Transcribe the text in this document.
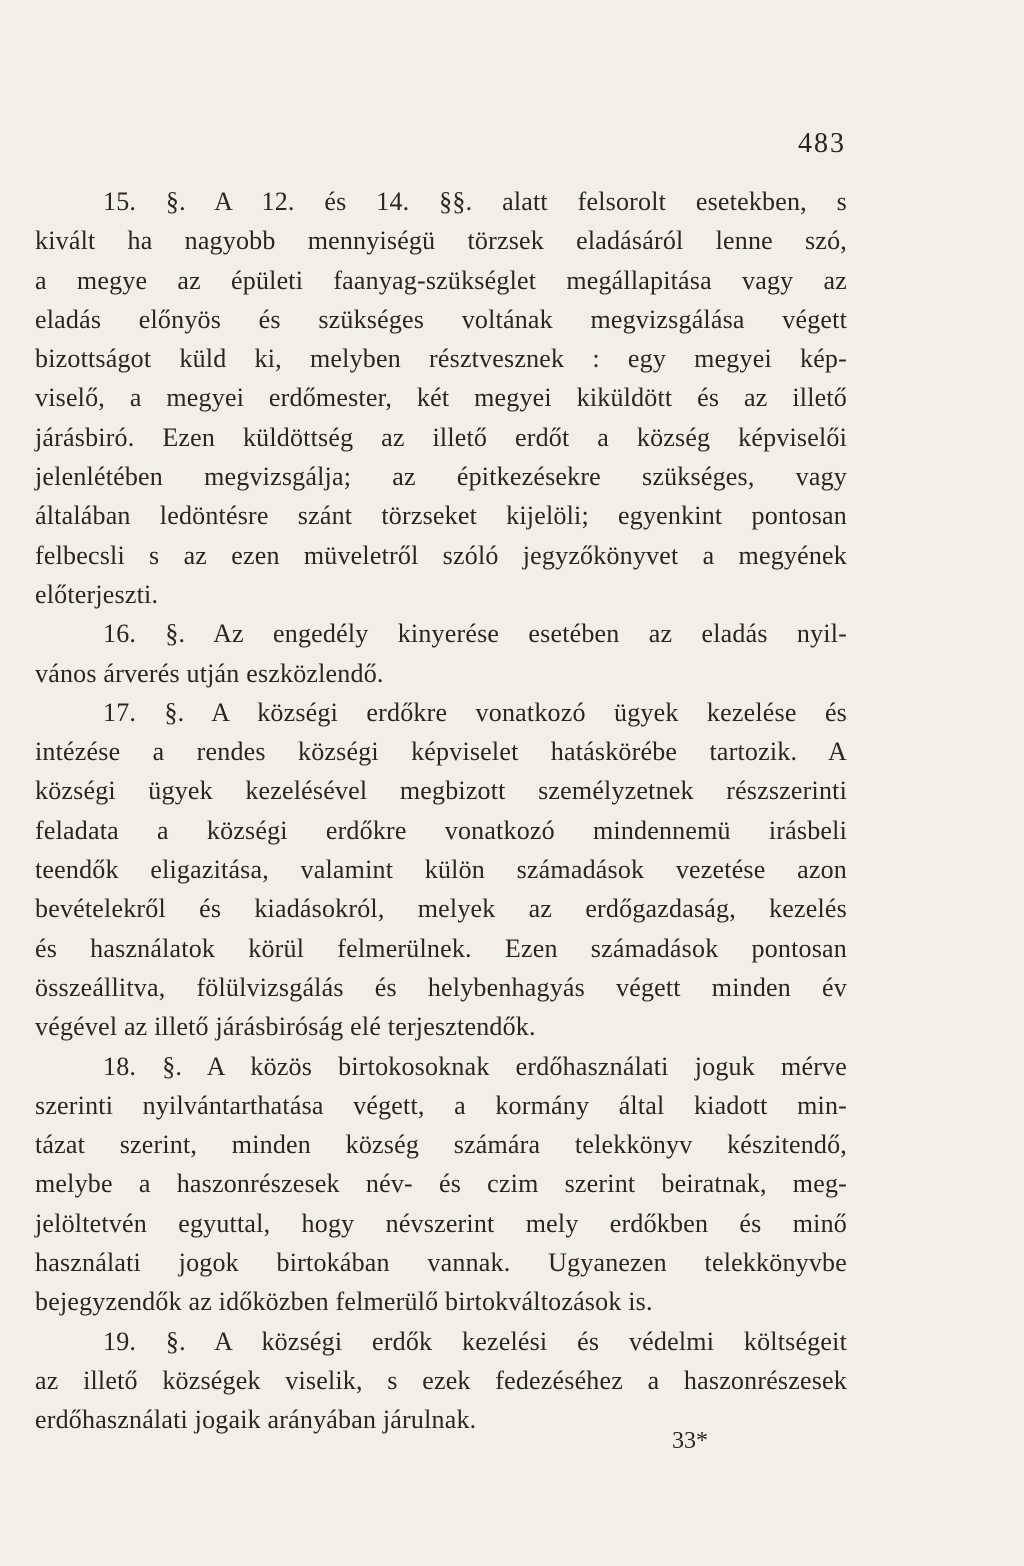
483
15. §. A 12. és 14. §§. alatt felsorolt esetekben, s
kivált ha nagyobb mennyiségü törzsek eladásáról lenne szó,
a megye az épületi faanyag-szükséglet megállapitása vagy az
eladás előnyös és szükséges voltának megvizsgálása végett
bizottságot küld ki, melyben résztvesznek : egy megyei kép-
viselő, a megyei erdőmester, két megyei kiküldött és az illető
járásbiró. Ezen küldöttség az illető erdőt a község képviselői
jelenlétében megvizsgálja; az épitkezésekre szükséges, vagy
általában ledöntésre szánt törzseket kijelöli; egyenkint pontosan
felbecsli s az ezen müveletről szóló jegyzőkönyvet a megyének
előterjeszti.
16. §. Az engedély kinyerése esetében az eladás nyil-
vános árverés utján eszközlendő.
17. §. A községi erdőkre vonatkozó ügyek kezelése és
intézése a rendes községi képviselet hatáskörébe tartozik. A
községi ügyek kezelésével megbizott személyzetnek részszerinti
feladata a községi erdőkre vonatkozó mindennemü irásbeli
teendők eligazitása, valamint külön számadások vezetése azon
bevételekről és kiadásokról, melyek az erdőgazdaság, kezelés
és használatok körül felmerülnek. Ezen számadások pontosan
összeállitva, fölülvizsgálás és helybenhagyás végett minden év
végével az illető járásbiróság elé terjesztendők.
18. §. A közös birtokosoknak erdőhasználati joguk mérve
szerinti nyilvántarthatása végett, a kormány által kiadott min-
tázat szerint, minden község számára telekkönyv készitendő,
melybe a haszonrészesek név- és czim szerint beiratnak, meg-
jelöltetvén egyuttal, hogy névszerint mely erdőkben és minő
használati jogok birtokában vannak. Ugyanezen telekkönyvbe
bejegyzendők az időközben felmerülő birtokváltozások is.
19. §. A községi erdők kezelési és védelmi költségeit
az illető községek viselik, s ezek fedezéséhez a haszonrészesek
erdőhasználati jogaik arányában járulnak.
33*
